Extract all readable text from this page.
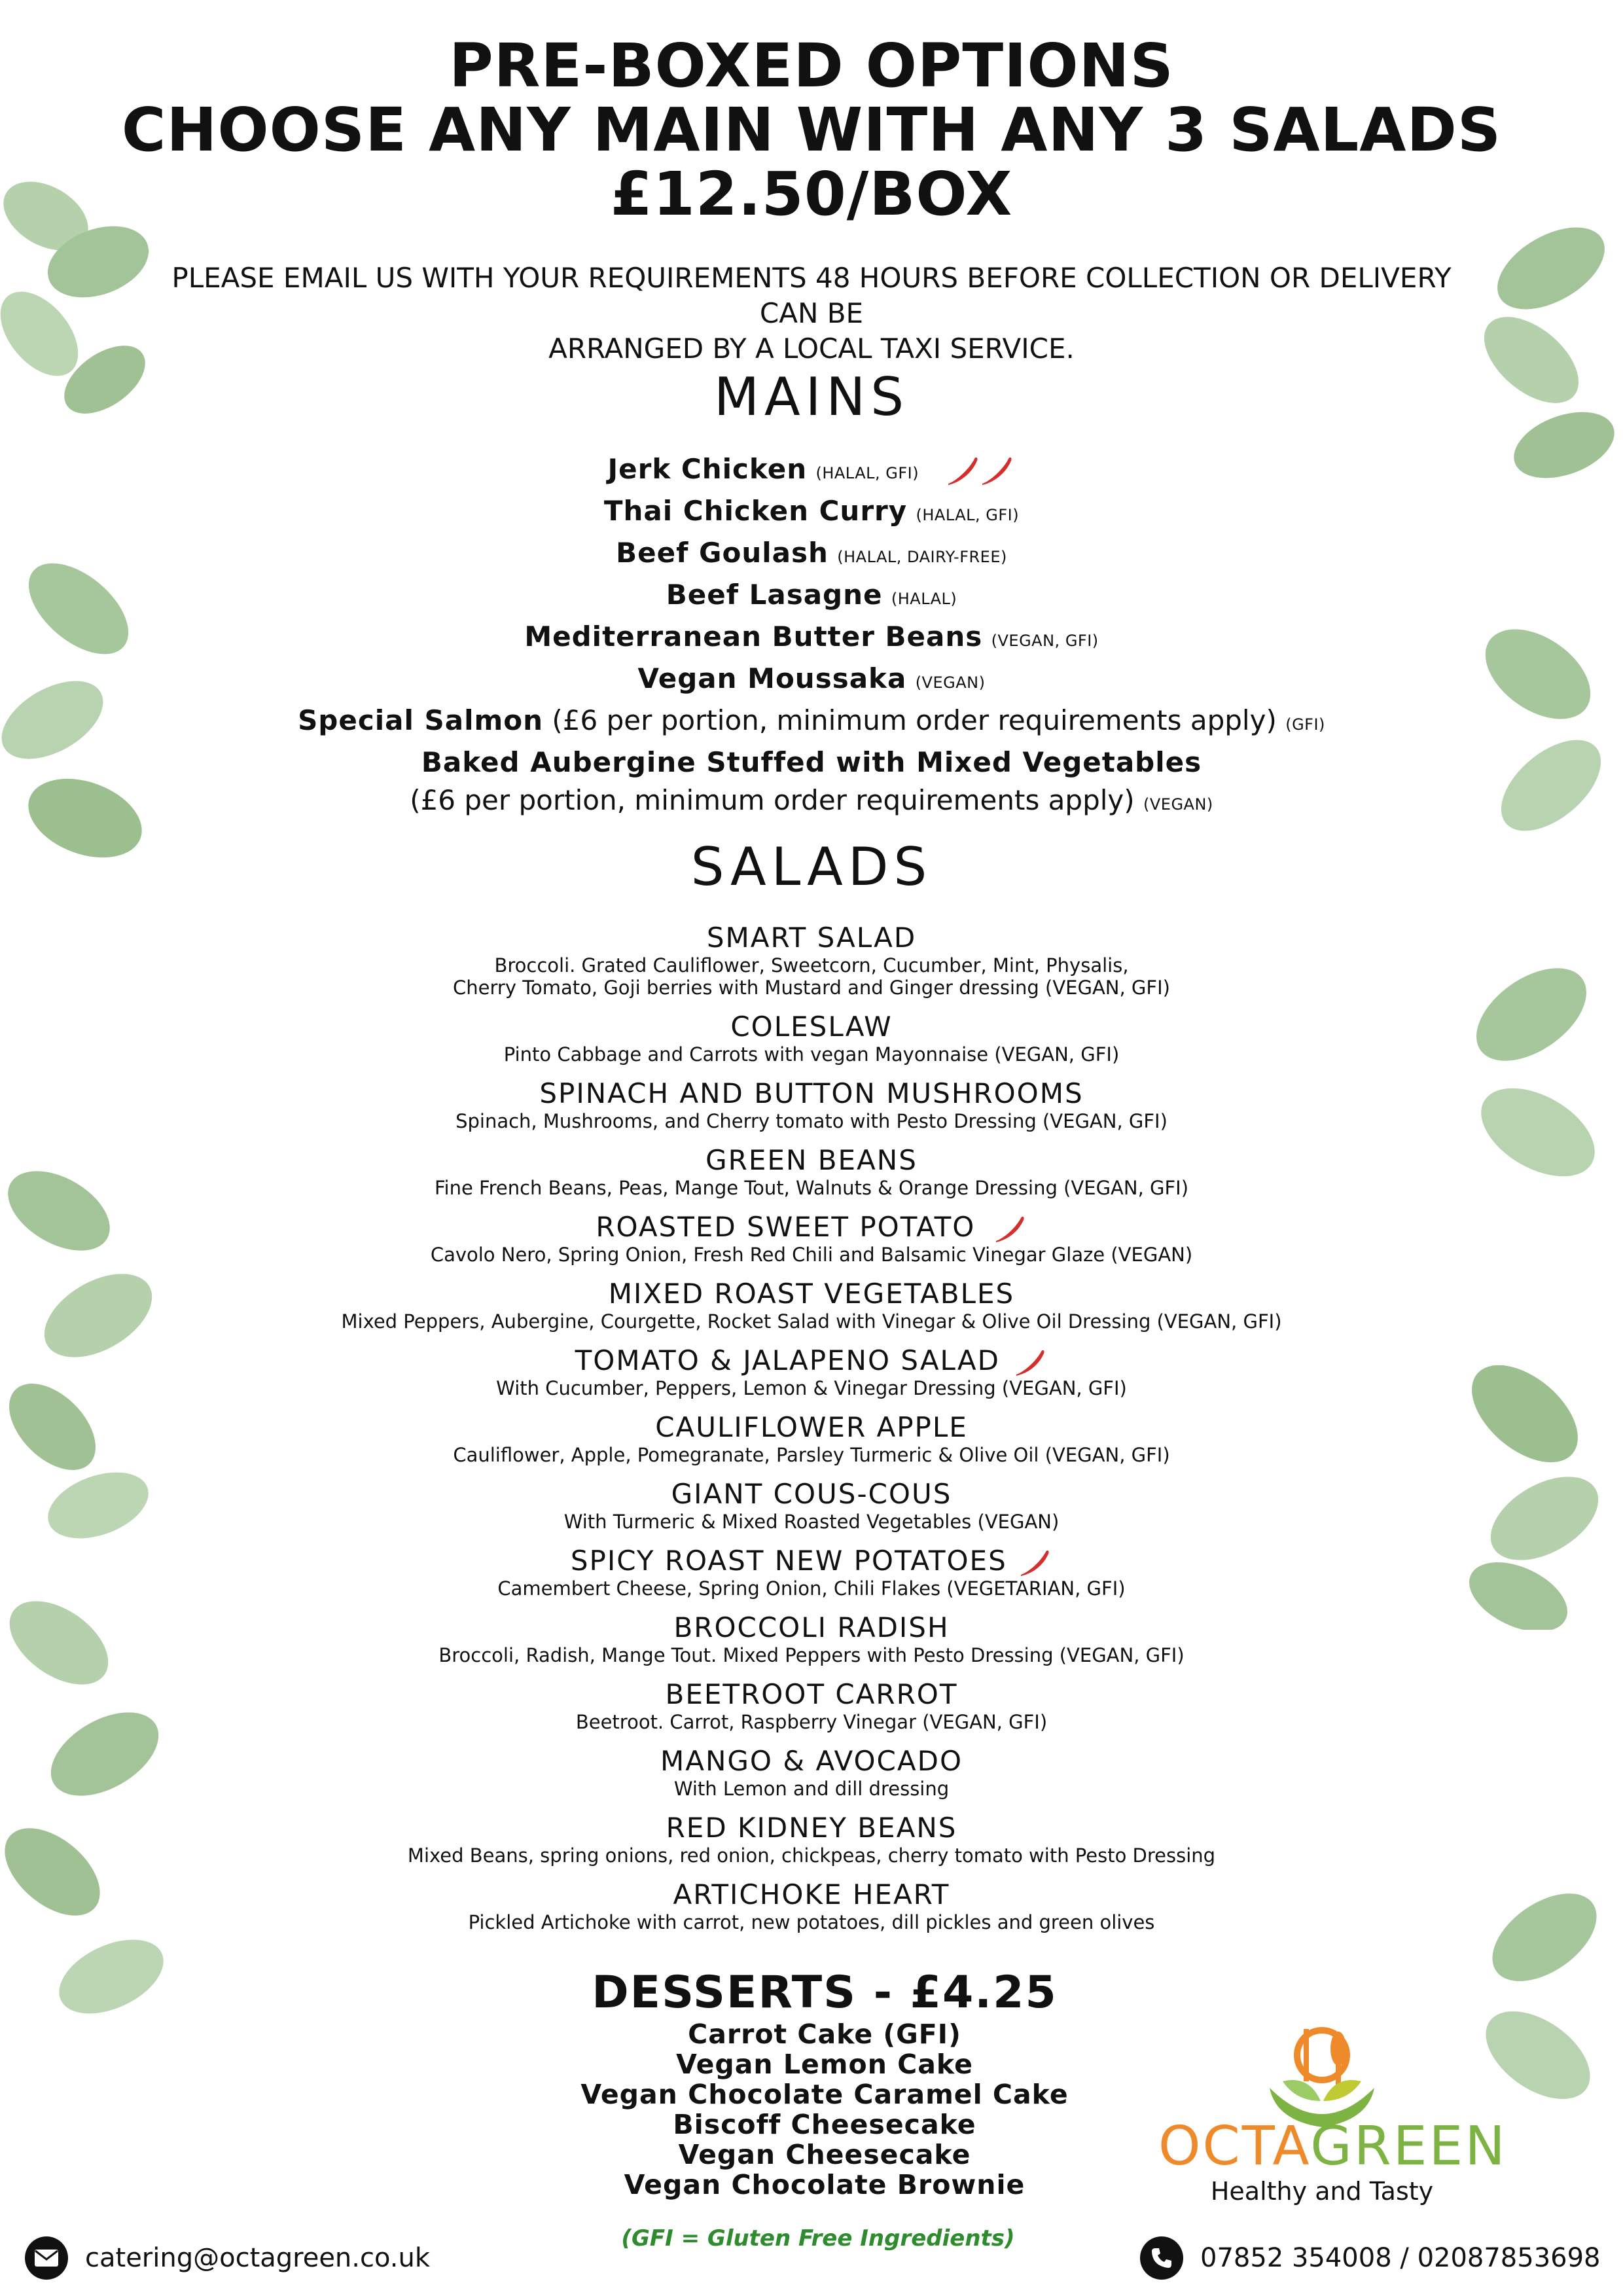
PRE-BOXED OPTIONS
CHOOSE ANY MAIN WITH ANY 3 SALADS
£12.50/BOX
PLEASE EMAIL US WITH YOUR REQUIREMENTS 48 HOURS BEFORE COLLECTION OR DELIVERY CAN BE
ARRANGED BY A LOCAL TAXI SERVICE.
MAINS
Jerk Chicken (HALAL, GFI)
Thai Chicken Curry (HALAL, GFI)
Beef Goulash (HALAL, DAIRY-FREE)
Beef Lasagne (HALAL)
Mediterranean Butter Beans (VEGAN, GFI)
Vegan Moussaka (VEGAN)
Special Salmon (£6 per portion, minimum order requirements apply) (GFI)
Baked Aubergine Stuffed with Mixed Vegetables
(£6 per portion, minimum order requirements apply) (VEGAN)
SALADS
SMART SALAD
Broccoli. Grated Cauliflower, Sweetcorn, Cucumber, Mint, Physalis,
Cherry Tomato, Goji berries with Mustard and Ginger dressing (VEGAN, GFI)
COLESLAW
Pinto Cabbage and Carrots with vegan Mayonnaise (VEGAN, GFI)
SPINACH AND BUTTON MUSHROOMS
Spinach, Mushrooms, and Cherry tomato with Pesto Dressing (VEGAN, GFI)
GREEN BEANS
Fine French Beans, Peas, Mange Tout, Walnuts & Orange Dressing (VEGAN, GFI)
ROASTED SWEET POTATO
Cavolo Nero, Spring Onion, Fresh Red Chili and Balsamic Vinegar Glaze (VEGAN)
MIXED ROAST VEGETABLES
Mixed Peppers, Aubergine, Courgette, Rocket Salad with Vinegar & Olive Oil Dressing (VEGAN, GFI)
TOMATO & JALAPENO SALAD
With Cucumber, Peppers, Lemon & Vinegar Dressing (VEGAN, GFI)
CAULIFLOWER APPLE
Cauliflower, Apple, Pomegranate, Parsley Turmeric & Olive Oil (VEGAN, GFI)
GIANT COUS-COUS
With Turmeric & Mixed Roasted Vegetables (VEGAN)
SPICY ROAST NEW POTATOES
Camembert Cheese, Spring Onion, Chili Flakes (VEGETARIAN, GFI)
BROCCOLI RADISH
Broccoli, Radish, Mange Tout. Mixed Peppers with Pesto Dressing (VEGAN, GFI)
BEETROOT CARROT
Beetroot. Carrot, Raspberry Vinegar (VEGAN, GFI)
MANGO & AVOCADO
With Lemon and dill dressing
RED KIDNEY BEANS
Mixed Beans, spring onions, red onion, chickpeas, cherry tomato with Pesto Dressing
ARTICHOKE HEART
Pickled Artichoke with carrot, new potatoes, dill pickles and green olives
DESSERTS - £4.25
Carrot Cake (GFI)
Vegan Lemon Cake
Vegan Chocolate Caramel Cake
Biscoff Cheesecake
Vegan Cheesecake
Vegan Chocolate Brownie
OCTAGREEN
Healthy and Tasty
(GFI = Gluten Free Ingredients)
catering@octagreen.co.uk	07852 354008 / 02087853698
